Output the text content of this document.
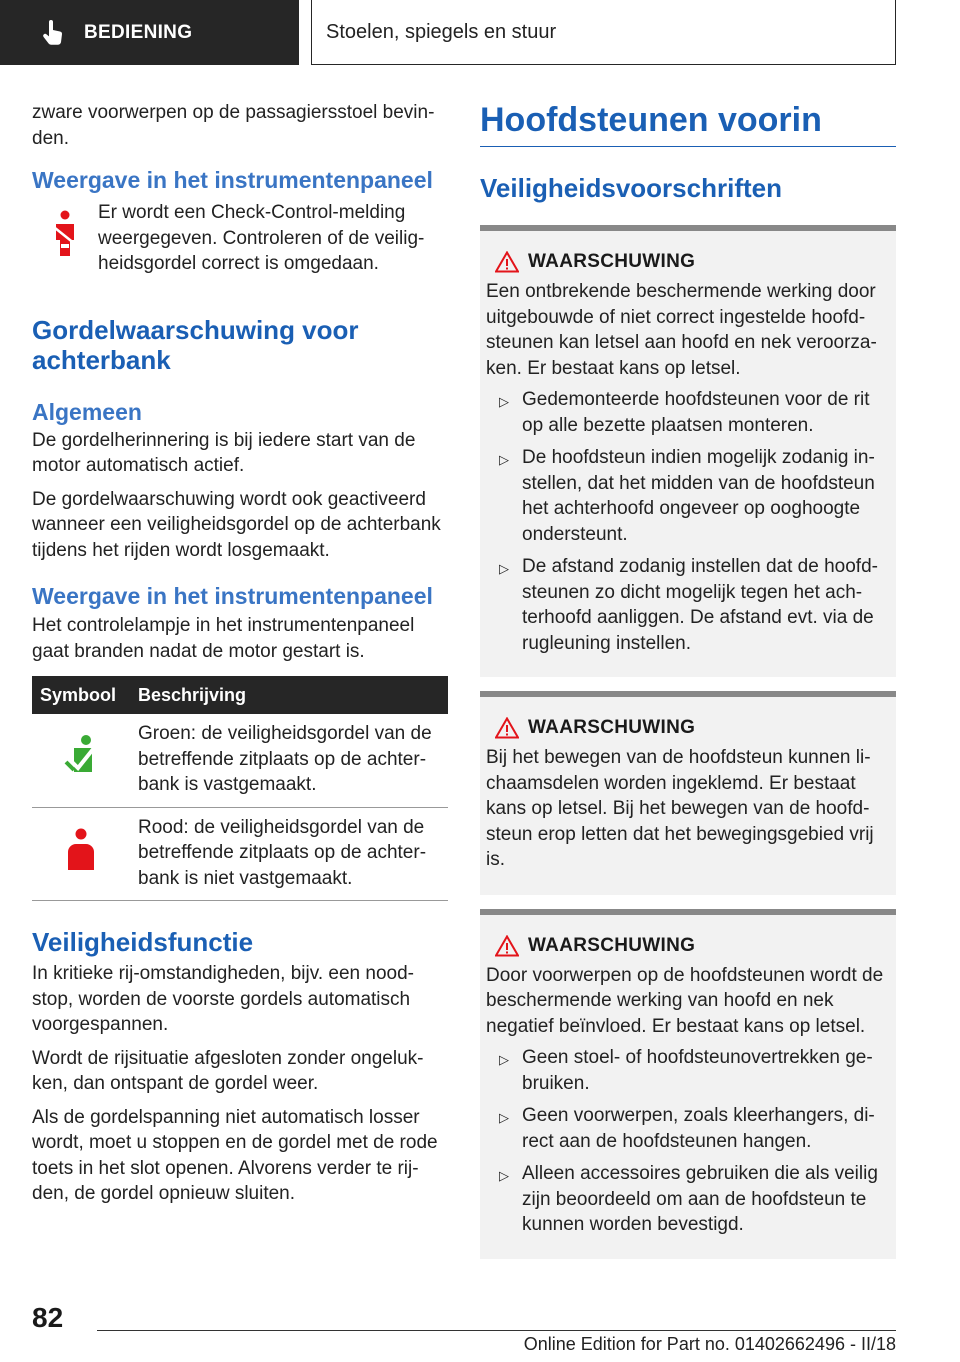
BEDIENING	Stoelen, spiegels en stuur

zware voorwerpen op de passagiersstoel bevinden.

Weergave in het instrumentenpaneel

Er wordt een Check-Control-melding weergegeven. Controleren of de veiligheidsgordel correct is omgedaan.

Gordelwaarschuwing voor achterbank
Algemeen

De gordelherinnering is bij iedere start van de motor automatisch actief.

De gordelwaarschuwing wordt ook geactiveerd wanneer een veiligheidsgordel op de achterbank tijdens het rijden wordt losgemaakt.

Weergave in het instrumentenpaneel

Het controlelampje in het instrumentenpaneel gaat branden nadat de motor gestart is.

Symbool	Beschrijving
	Groen: de veiligheidsgordel van de betreffende zitplaats op de achterbank is vastgemaakt.
	Rood: de veiligheidsgordel van de betreffende zitplaats op de achterbank is niet vastgemaakt.
Veiligheidsfunctie

In kritieke rij-omstandigheden, bijv. een noodstop, worden de voorste gordels automatisch voorgespannen.

Wordt de rijsituatie afgesloten zonder ongelukken, dan ontspant de gordel weer.

Als de gordelspanning niet automatisch losser wordt, moet u stoppen en de gordel met de rode toets in het slot openen. Alvorens verder te rijden, de gordel opnieuw sluiten.

Hoofdsteunen voorin
Veiligheidsvoorschriften
WAARSCHUWING

Een ontbrekende beschermende werking door uitgebouwde of niet correct ingestelde hoofdsteunen kan letsel aan hoofd en nek veroorzaken. Er bestaat kans op letsel.

▷ Gedemonteerde hoofdsteunen voor de rit op alle bezette plaatsen monteren.
▷ De hoofdsteun indien mogelijk zodanig instellen, dat het midden van de hoofdsteun het achterhoofd ongeveer op ooghoogte ondersteunt.
▷ De afstand zodanig instellen dat de hoofdsteunen zo dicht mogelijk tegen het achterhoofd aanliggen. De afstand evt. via de rugleuning instellen.
WAARSCHUWING

Bij het bewegen van de hoofdsteun kunnen lichaamsdelen worden ingeklemd. Er bestaat kans op letsel. Bij het bewegen van de hoofdsteun erop letten dat het bewegingsgebied vrij is.

WAARSCHUWING

Door voorwerpen op de hoofdsteunen wordt de beschermende werking van hoofd en nek negatief beïnvloed. Er bestaat kans op letsel.

▷ Geen stoel- of hoofdsteunovertrekken gebruiken.
▷ Geen voorwerpen, zoals kleerhangers, direct aan de hoofdsteunen hangen.
▷ Alleen accessoires gebruiken die als veilig zijn beoordeeld om aan de hoofdsteun te kunnen worden bevestigd.
82
Online Edition for Part no. 01402662496 - II/18
